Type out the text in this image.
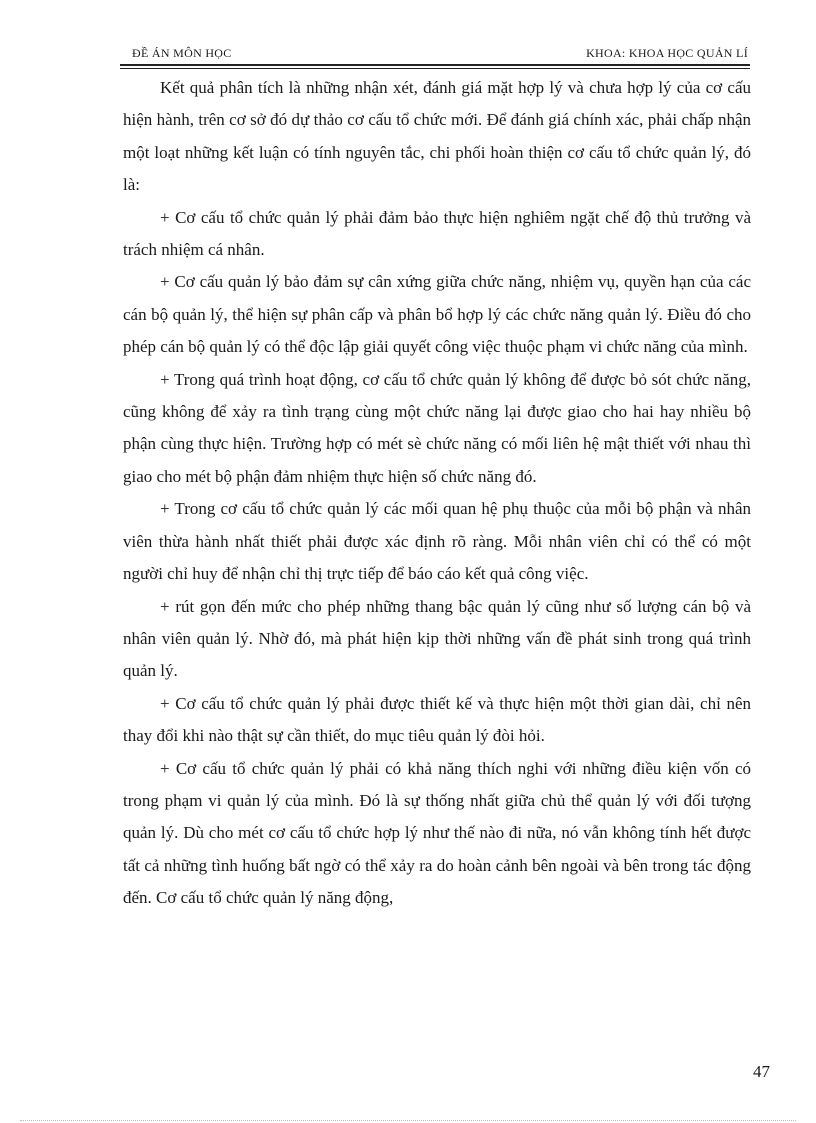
ĐỀ ÁN MÔN HỌC	KHOA: KHOA HỌC QUẢN LÍ

Kết quả phân tích là những nhận xét, đánh giá mặt hợp lý và chưa hợp lý của cơ cấu hiện hành, trên cơ sở đó dự thảo cơ cấu tổ chức mới. Để đánh giá chính xác, phải chấp nhận một loạt những kết luận có tính nguyên tắc, chi phối hoàn thiện cơ cấu tổ chức quản lý, đó là:

+ Cơ cấu tổ chức quản lý phải đảm bảo thực hiện nghiêm ngặt chế độ thủ trưởng và trách nhiệm cá nhân.

+ Cơ cấu quản lý bảo đảm sự cân xứng giữa chức năng, nhiệm vụ, quyền hạn của các cán bộ quản lý, thể hiện sự phân cấp và phân bổ hợp lý các chức năng quản lý. Điều đó cho phép cán bộ quản lý có thể độc lập giải quyết công việc thuộc phạm vi chức năng của mình.

+ Trong quá trình hoạt động, cơ cấu tổ chức quản lý không để được bỏ sót chức năng, cũng không để xảy ra tình trạng cùng một chức năng lại được giao cho hai hay nhiều bộ phận cùng thực hiện. Trường hợp có mét sè chức năng có mối liên hệ mật thiết với nhau thì giao cho mét bộ phận đảm nhiệm thực hiện số chức năng đó.

+ Trong cơ cấu tổ chức quản lý các mối quan hệ phụ thuộc của mỗi bộ phận và nhân viên thừa hành nhất thiết phải được xác định rõ ràng. Mỗi nhân viên chỉ có thể có một người chỉ huy để nhận chỉ thị trực tiếp để báo cáo kết quả công việc.

+ rút gọn đến mức cho phép những thang bậc quản lý cũng như số lượng cán bộ và nhân viên quản lý. Nhờ đó, mà phát hiện kịp thời những vấn đề phát sinh trong quá trình quản lý.

+ Cơ cấu tổ chức quản lý phải được thiết kế và thực hiện một thời gian dài, chỉ nên thay đổi khi nào thật sự cần thiết, do mục tiêu quản lý đòi hỏi.

+ Cơ cấu tổ chức quản lý phải có khả năng thích nghi với những điều kiện vốn có trong phạm vi quản lý của mình. Đó là sự thống nhất giữa chủ thể quản lý với đối tượng quản lý. Dù cho mét cơ cấu tổ chức hợp lý như thế nào đi nữa, nó vẫn không tính hết được tất cả những tình huống bất ngờ có thể xảy ra do hoàn cảnh bên ngoài và bên trong tác động đến. Cơ cấu tổ chức quản lý năng động,

47
